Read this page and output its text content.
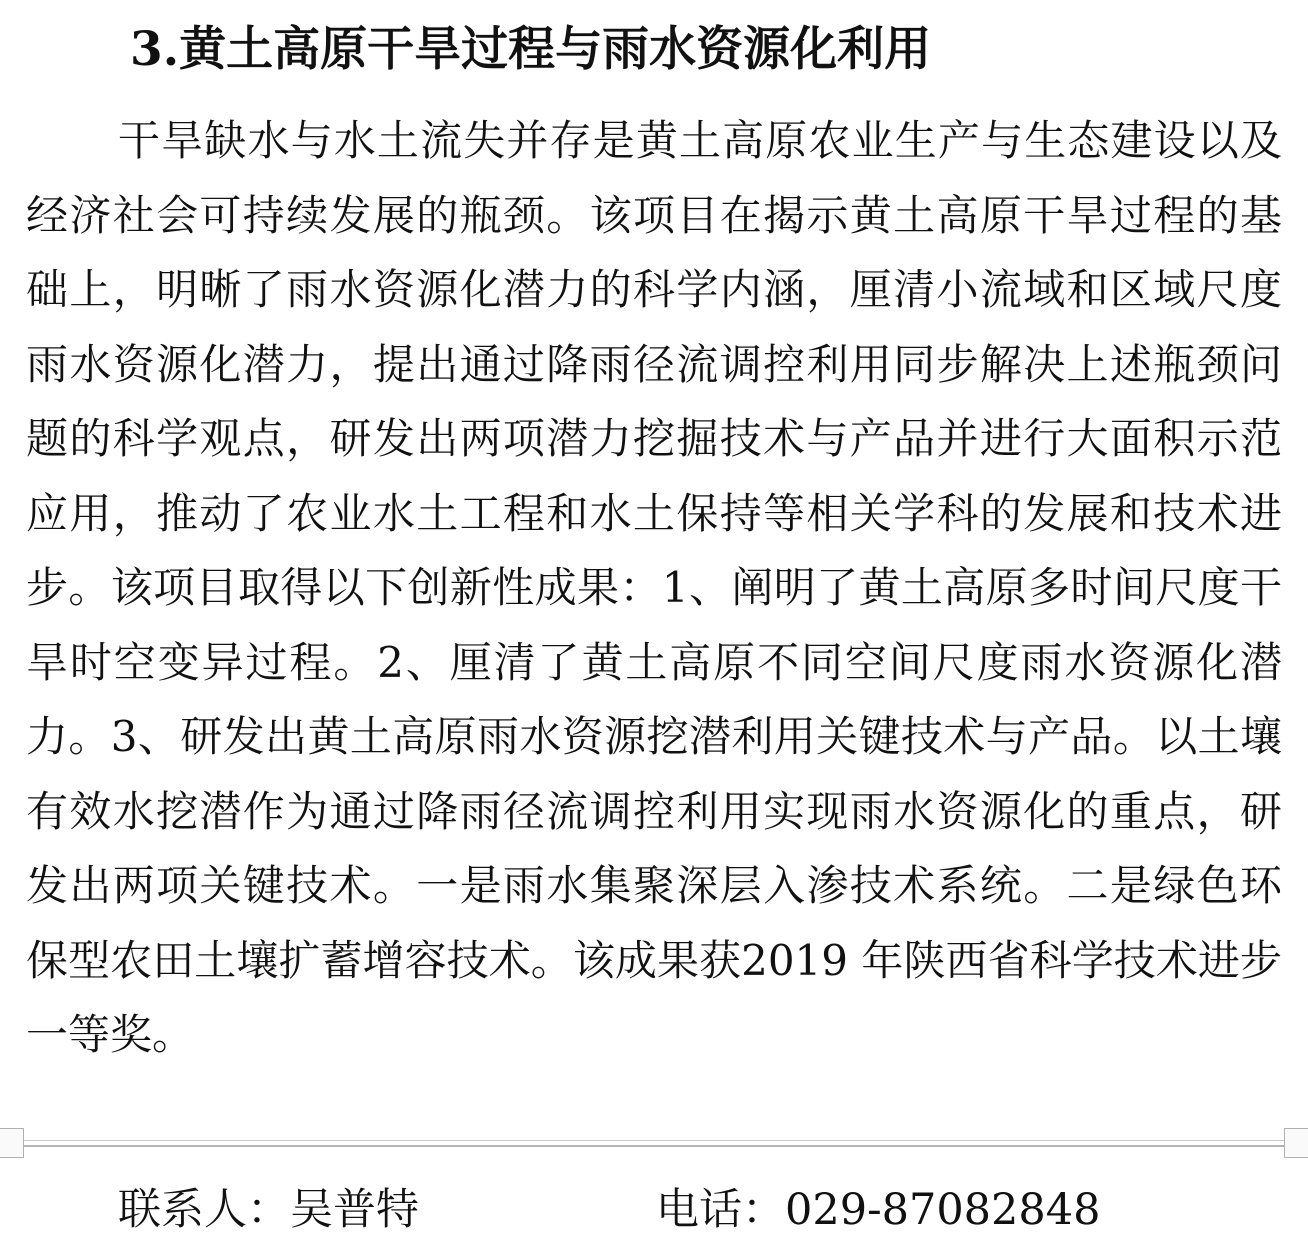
3.黄土高原干旱过程与雨水资源化利用

干旱缺水与水土流失并存是黄土高原农业生产与生态建设以及经济社会可持续发展的瓶颈。该项目在揭示黄土高原干旱过程的基础上，明晰了雨水资源化潜力的科学内涵，厘清小流域和区域尺度雨水资源化潜力，提出通过降雨径流调控利用同步解决上述瓶颈问题的科学观点，研发出两项潜力挖掘技术与产品并进行大面积示范应用，推动了农业水土工程和水土保持等相关学科的发展和技术进步。该项目取得以下创新性成果：1、阐明了黄土高原多时间尺度干旱时空变异过程。2、厘清了黄土高原不同空间尺度雨水资源化潜力。3、研发出黄土高原雨水资源挖潜利用关键技术与产品。以土壤有效水挖潜作为通过降雨径流调控利用实现雨水资源化的重点，研发出两项关键技术。一是雨水集聚深层入渗技术系统。二是绿色环保型农田土壤扩蓄增容技术。该成果获2019 年陕西省科学技术进步一等奖。

联系人：吴普特	电话：029-87082848
